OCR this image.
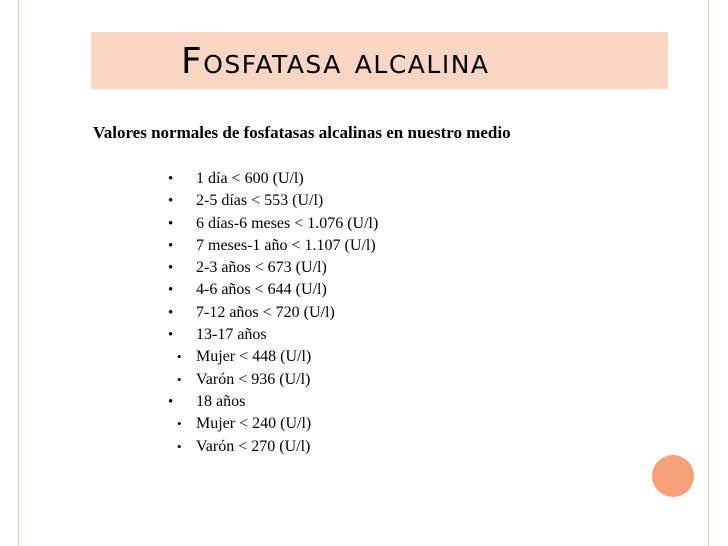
Fosfatasa alcalina
Valores normales de fosfatasas alcalinas en nuestro medio
• 1 día < 600 (U/l)
• 2-5 días < 553 (U/l)
• 6 días-6 meses < 1.076 (U/l)
• 7 meses-1 año < 1.107 (U/l)
• 2-3 años < 673 (U/l)
• 4-6 años < 644 (U/l)
• 7-12 años < 720 (U/l)
• 13-17 años
• Mujer < 448 (U/l)
• Varón < 936 (U/l)
• 18 años
• Mujer < 240 (U/l)
• Varón < 270 (U/l)
